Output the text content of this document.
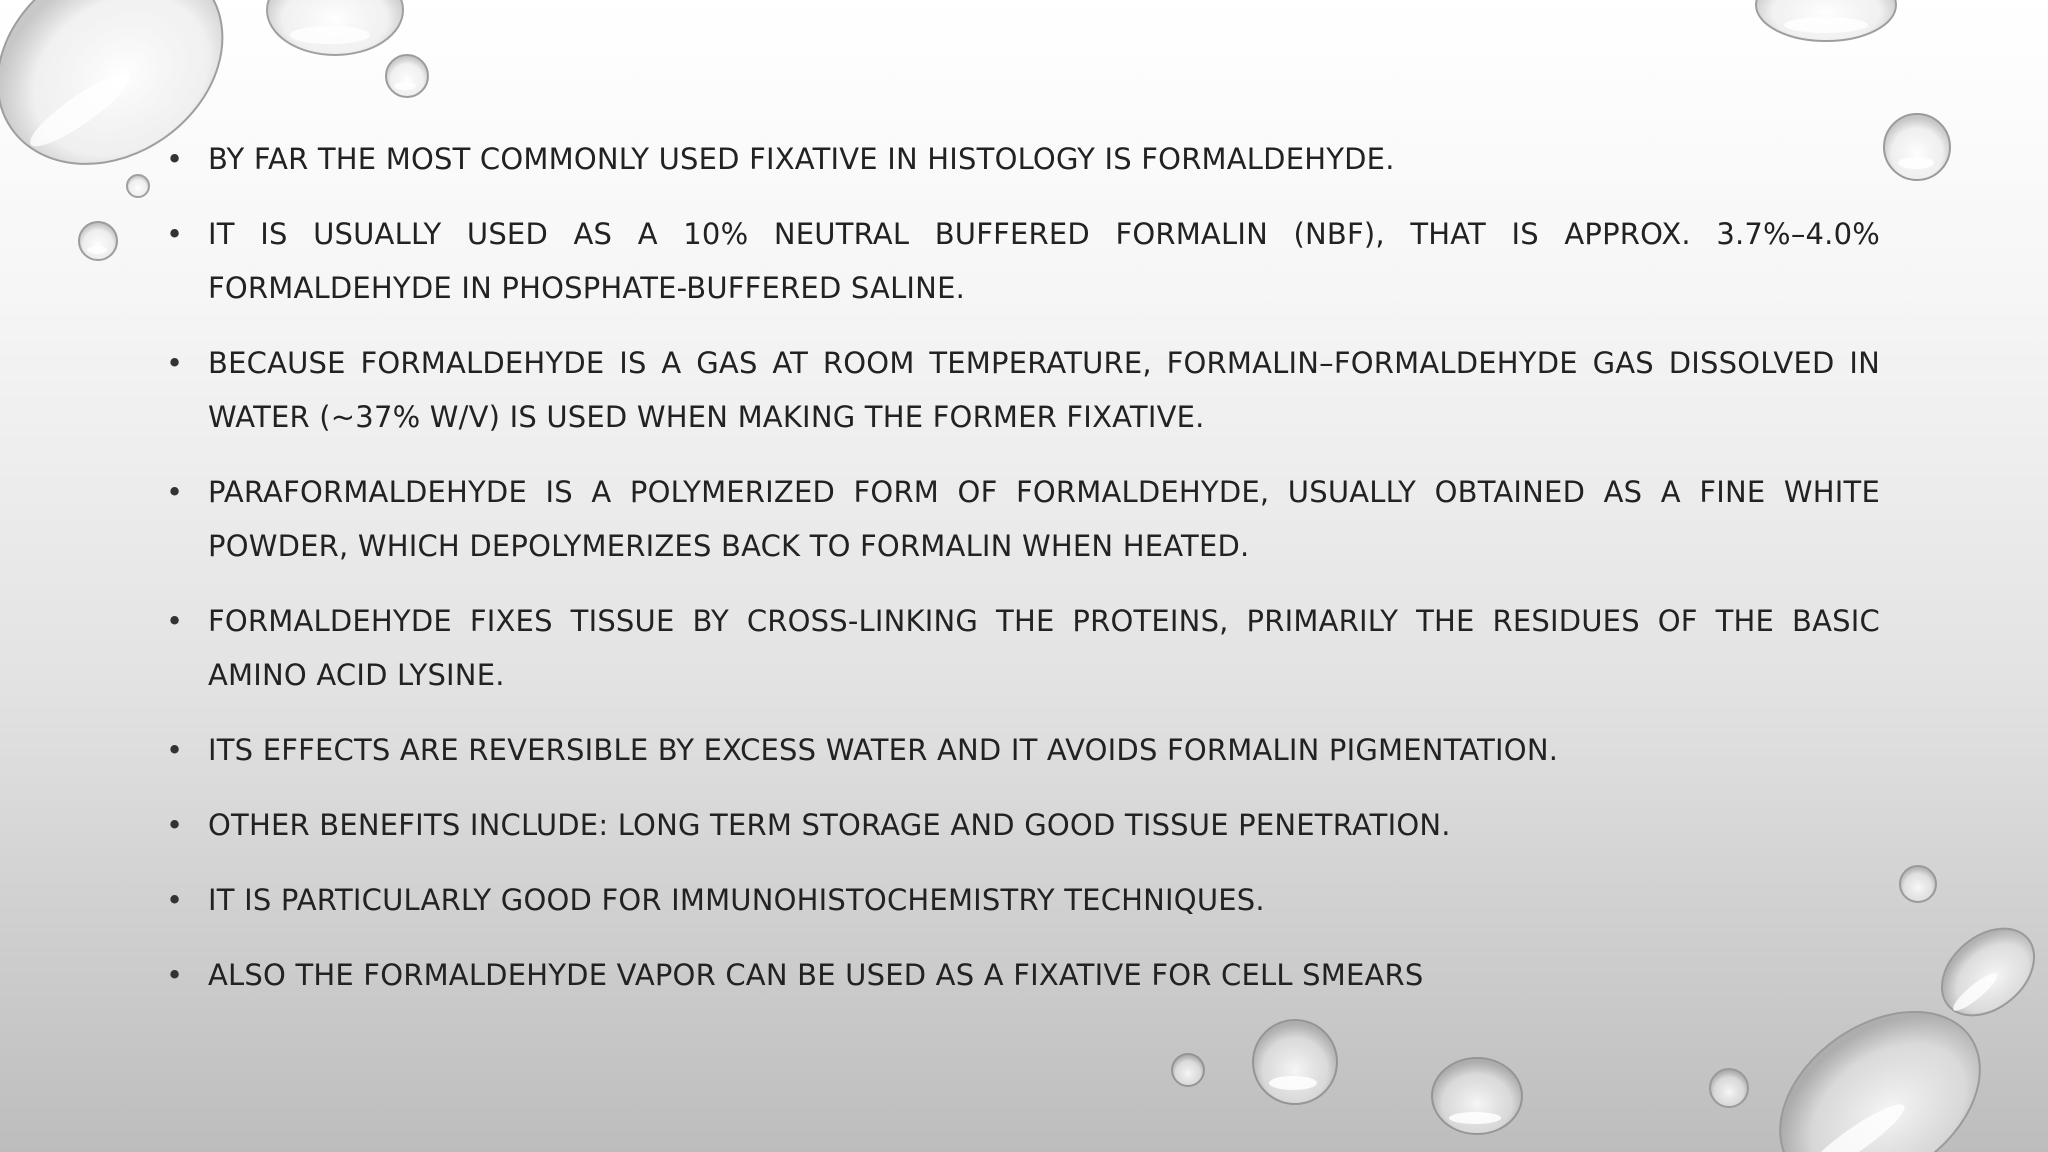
• BY FAR THE MOST COMMONLY USED FIXATIVE IN HISTOLOGY IS FORMALDEHYDE.
• IT IS USUALLY USED AS A 10% NEUTRAL BUFFERED FORMALIN (NBF), THAT IS APPROX. 3.7%–4.0% FORMALDEHYDE IN PHOSPHATE-BUFFERED SALINE.
• BECAUSE FORMALDEHYDE IS A GAS AT ROOM TEMPERATURE, FORMALIN–FORMALDEHYDE GAS DISSOLVED IN WATER (~37% W/V) IS USED WHEN MAKING THE FORMER FIXATIVE.
• PARAFORMALDEHYDE IS A POLYMERIZED FORM OF FORMALDEHYDE, USUALLY OBTAINED AS A FINE WHITE POWDER, WHICH DEPOLYMERIZES BACK TO FORMALIN WHEN HEATED.
• FORMALDEHYDE FIXES TISSUE BY CROSS-LINKING THE PROTEINS, PRIMARILY THE RESIDUES OF THE BASIC AMINO ACID LYSINE.
• ITS EFFECTS ARE REVERSIBLE BY EXCESS WATER AND IT AVOIDS FORMALIN PIGMENTATION.
• OTHER BENEFITS INCLUDE: LONG TERM STORAGE AND GOOD TISSUE PENETRATION.
• IT IS PARTICULARLY GOOD FOR IMMUNOHISTOCHEMISTRY TECHNIQUES.
• ALSO THE FORMALDEHYDE VAPOR CAN BE USED AS A FIXATIVE FOR CELL SMEARS
